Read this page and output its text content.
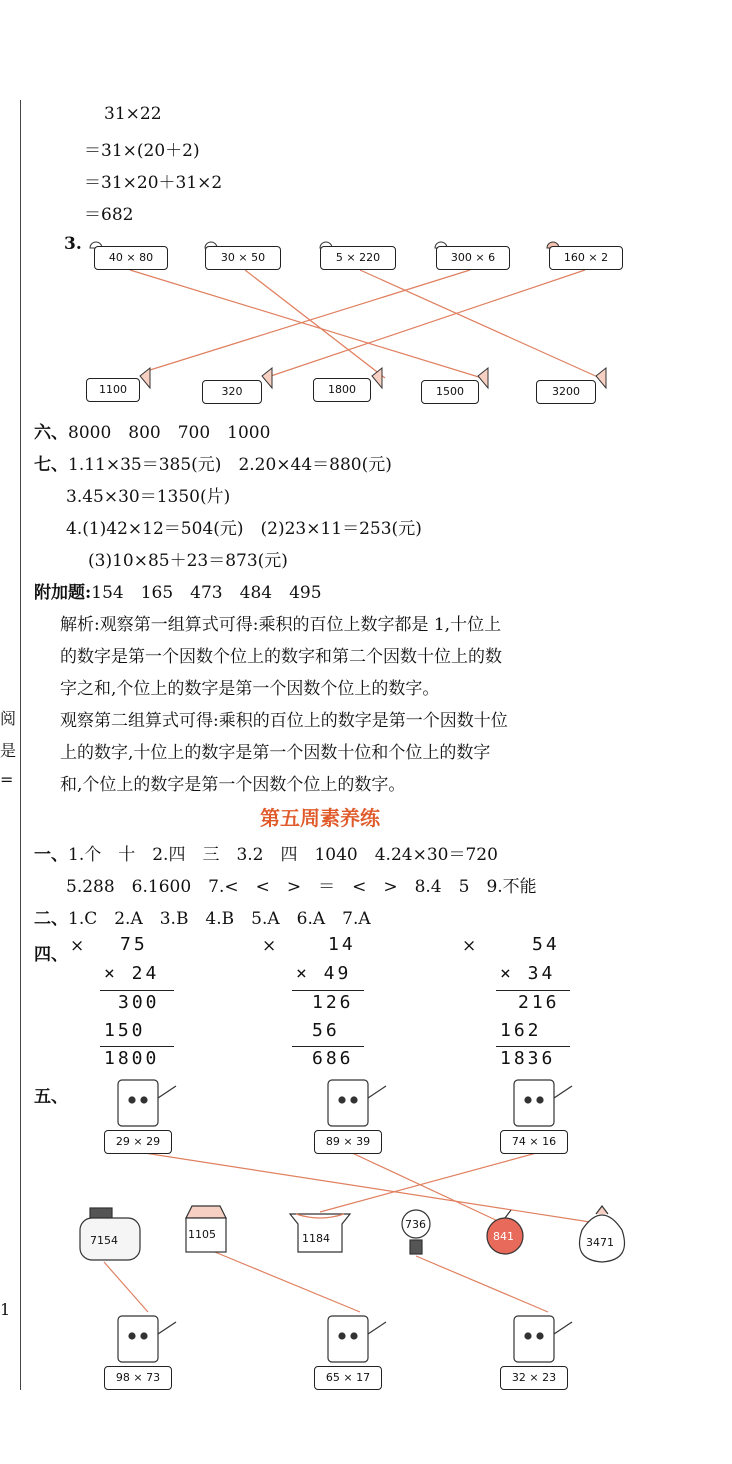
阅
是
=
1
31×22
＝31×(20＋2)
＝31×20＋31×2
＝682
3.
40 × 80	30 × 50	5 × 220	300 × 6	160 × 2
1100	320	1800	1500	3200
六、8000　800　700　1000
七、1.11×35＝385(元)　2.20×44＝880(元)
3.45×30＝1350(片)
4.(1)42×12＝504(元)　(2)23×11＝253(元)
(3)10×85＋23＝873(元)
附加题:154　165　473　484　495
解析:观察第一组算式可得:乘积的百位上数字都是 1,十位上
的数字是第一个因数个位上的数字和第二个因数十位上的数
字之和,个位上的数字是第一个因数个位上的数字。
观察第二组算式可得:乘积的百位上的数字是第一个因数十位
上的数字,十位上的数字是第一个因数十位和个位上的数字
和,个位上的数字是第一个因数个位上的数字。
第五周素养练
一、1.个　十　2.四　三　3.2　四　1040　4.24×30＝720
5.288　6.1600　7.<　<　>　＝　<　>　8.4　5　9.不能
二、1.C　2.A　3.B　4.B　5.A　6.A　7.A
四、 ×	×	×
75
× 24
300
150
1800
14
× 49
126
56
686
54
× 34
216
162
1836
五、
29 × 29	89 × 39	74 × 16
7154	1105	1184
736
841	3471
98 × 73	65 × 17	32 × 23
